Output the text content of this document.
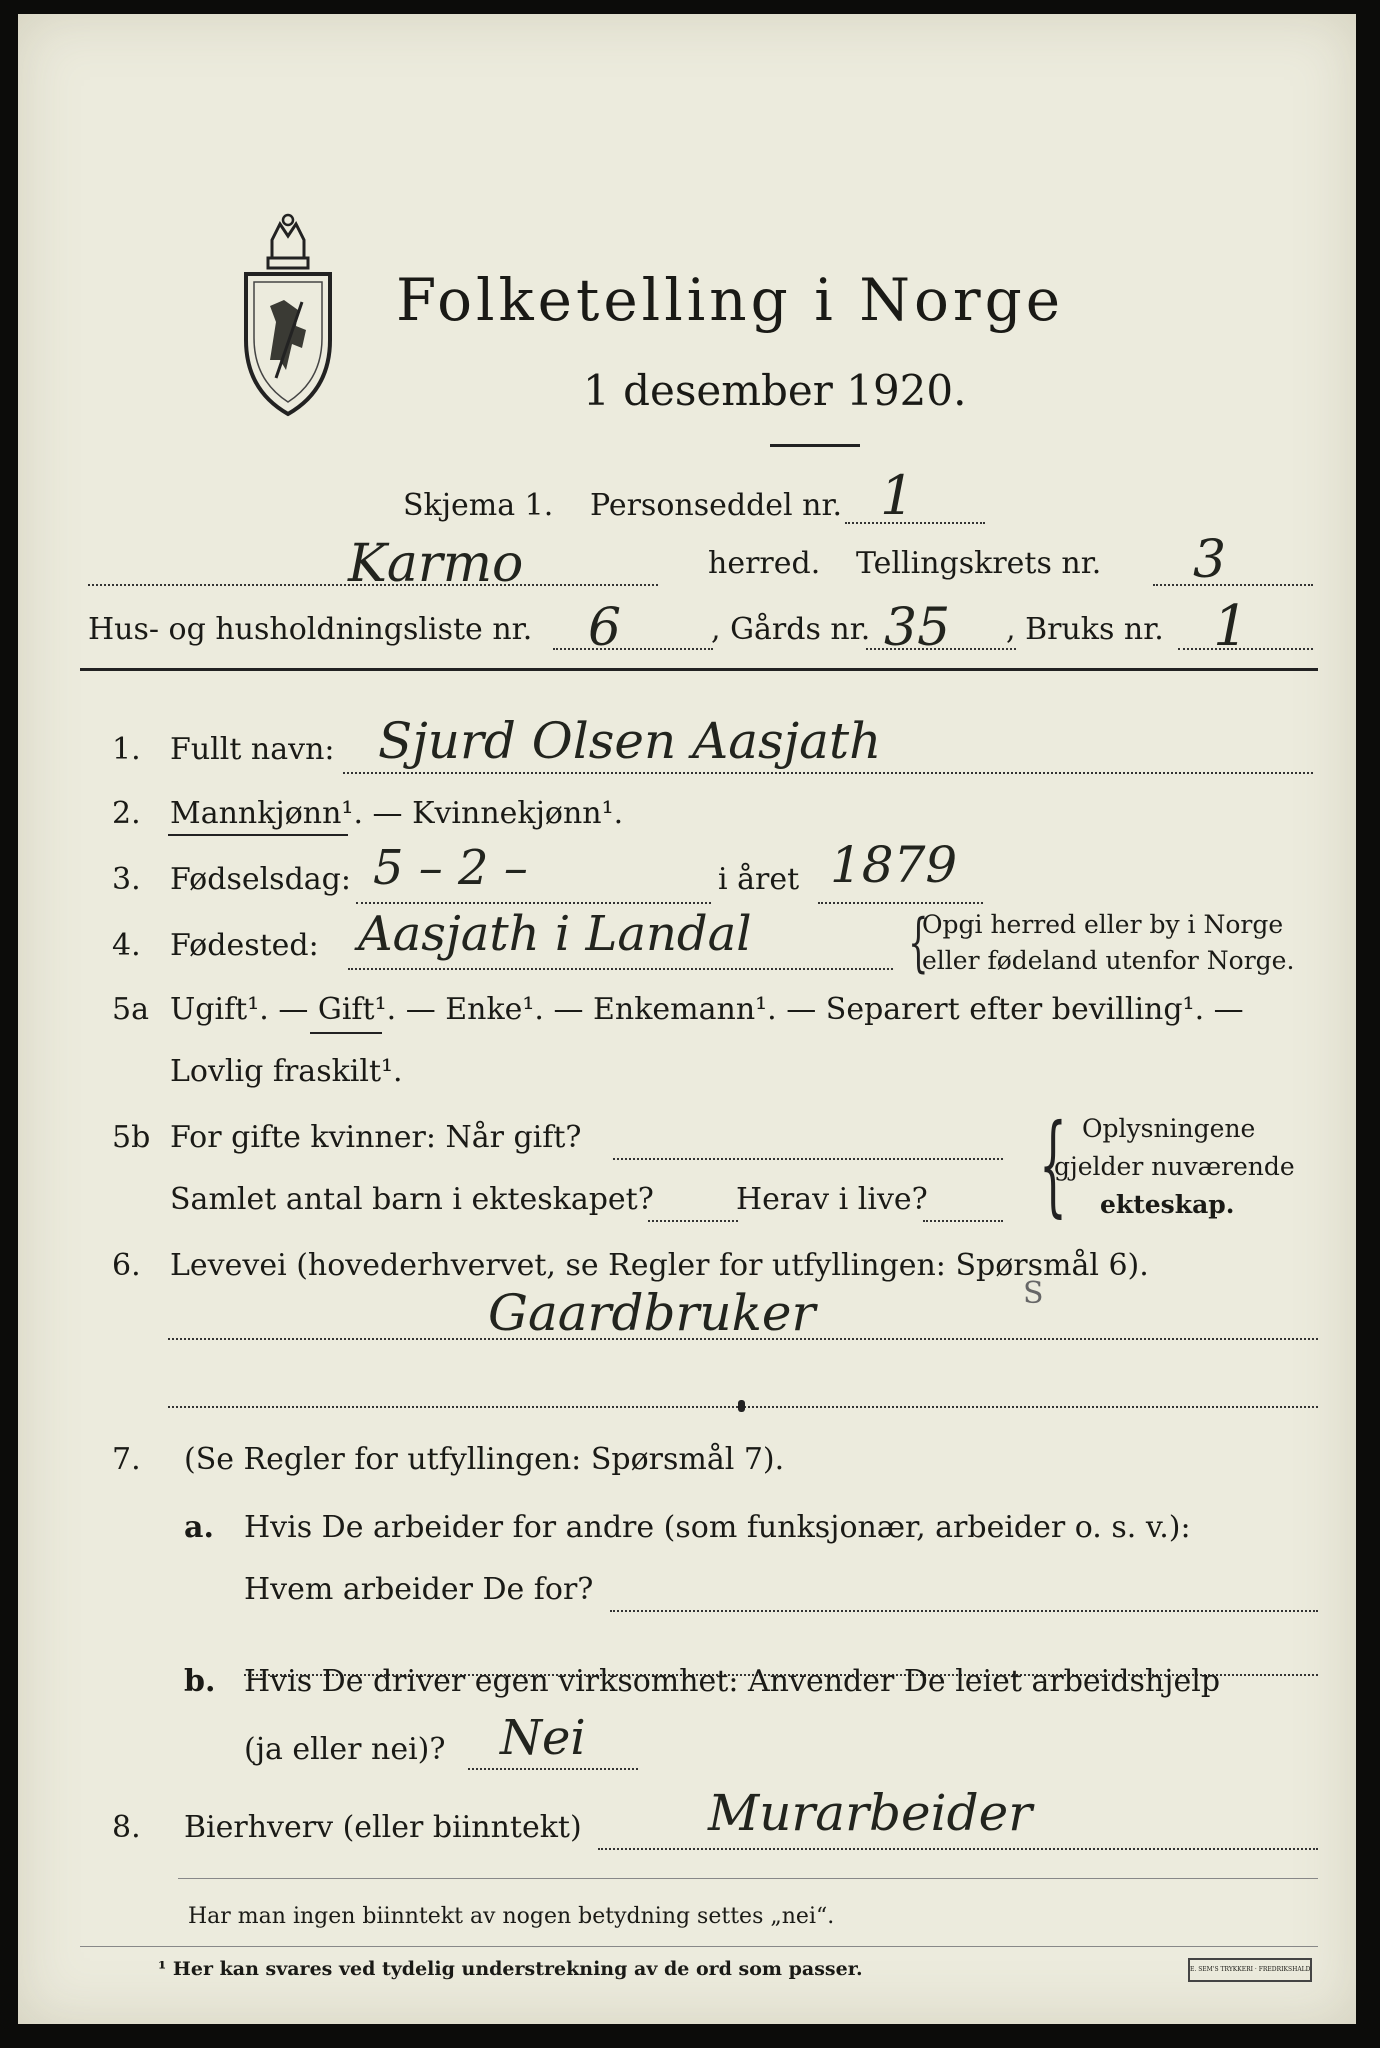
Folketelling i Norge
1 desember 1920.
Skjema 1. Personseddel nr. 1
Karmo	herred. Tellingskrets nr. 3
Hus- og husholdningsliste nr. 6	, Gårds nr. 35 , Bruks nr. 1
1. Fullt navn: Sjurd Olsen Aasjath
2. Mannkjønn¹. — Kvinnekjønn¹.
3. Fødselsdag: 5 – 2 –	i året 1879
4. Fødested: Aasjath i Landal {
Opgi herred eller by i Norge
eller fødeland utenfor Norge.
5a Ugift¹. — Gift¹. — Enke¹. — Enkemann¹. — Separert efter bevilling¹. —
Lovlig fraskilt¹.
5b For gifte kvinner: Når gift?
Samlet antal barn i ekteskapet?	Herav i live? { Oplysningene
gjelder nuværende
ekteskap.
6. Levevei (hovederhvervet, se Regler for utfyllingen: Spørsmål 6).
Gaardbruker	S
7. (Se Regler for utfyllingen: Spørsmål 7).
a. Hvis De arbeider for andre (som funksjonær, arbeider o. s. v.):
Hvem arbeider De for?
b. Hvis De driver egen virksomhet: Anvender De leiet arbeidshjelp
(ja eller nei)? Nei
8. Bierhverv (eller biinntekt)	Murarbeider
Har man ingen biinntekt av nogen betydning settes „nei“.
¹ Her kan svares ved tydelig understrekning av de ord som passer.	E. SEM'S TRYKKERI · FREDRIKSHALD
